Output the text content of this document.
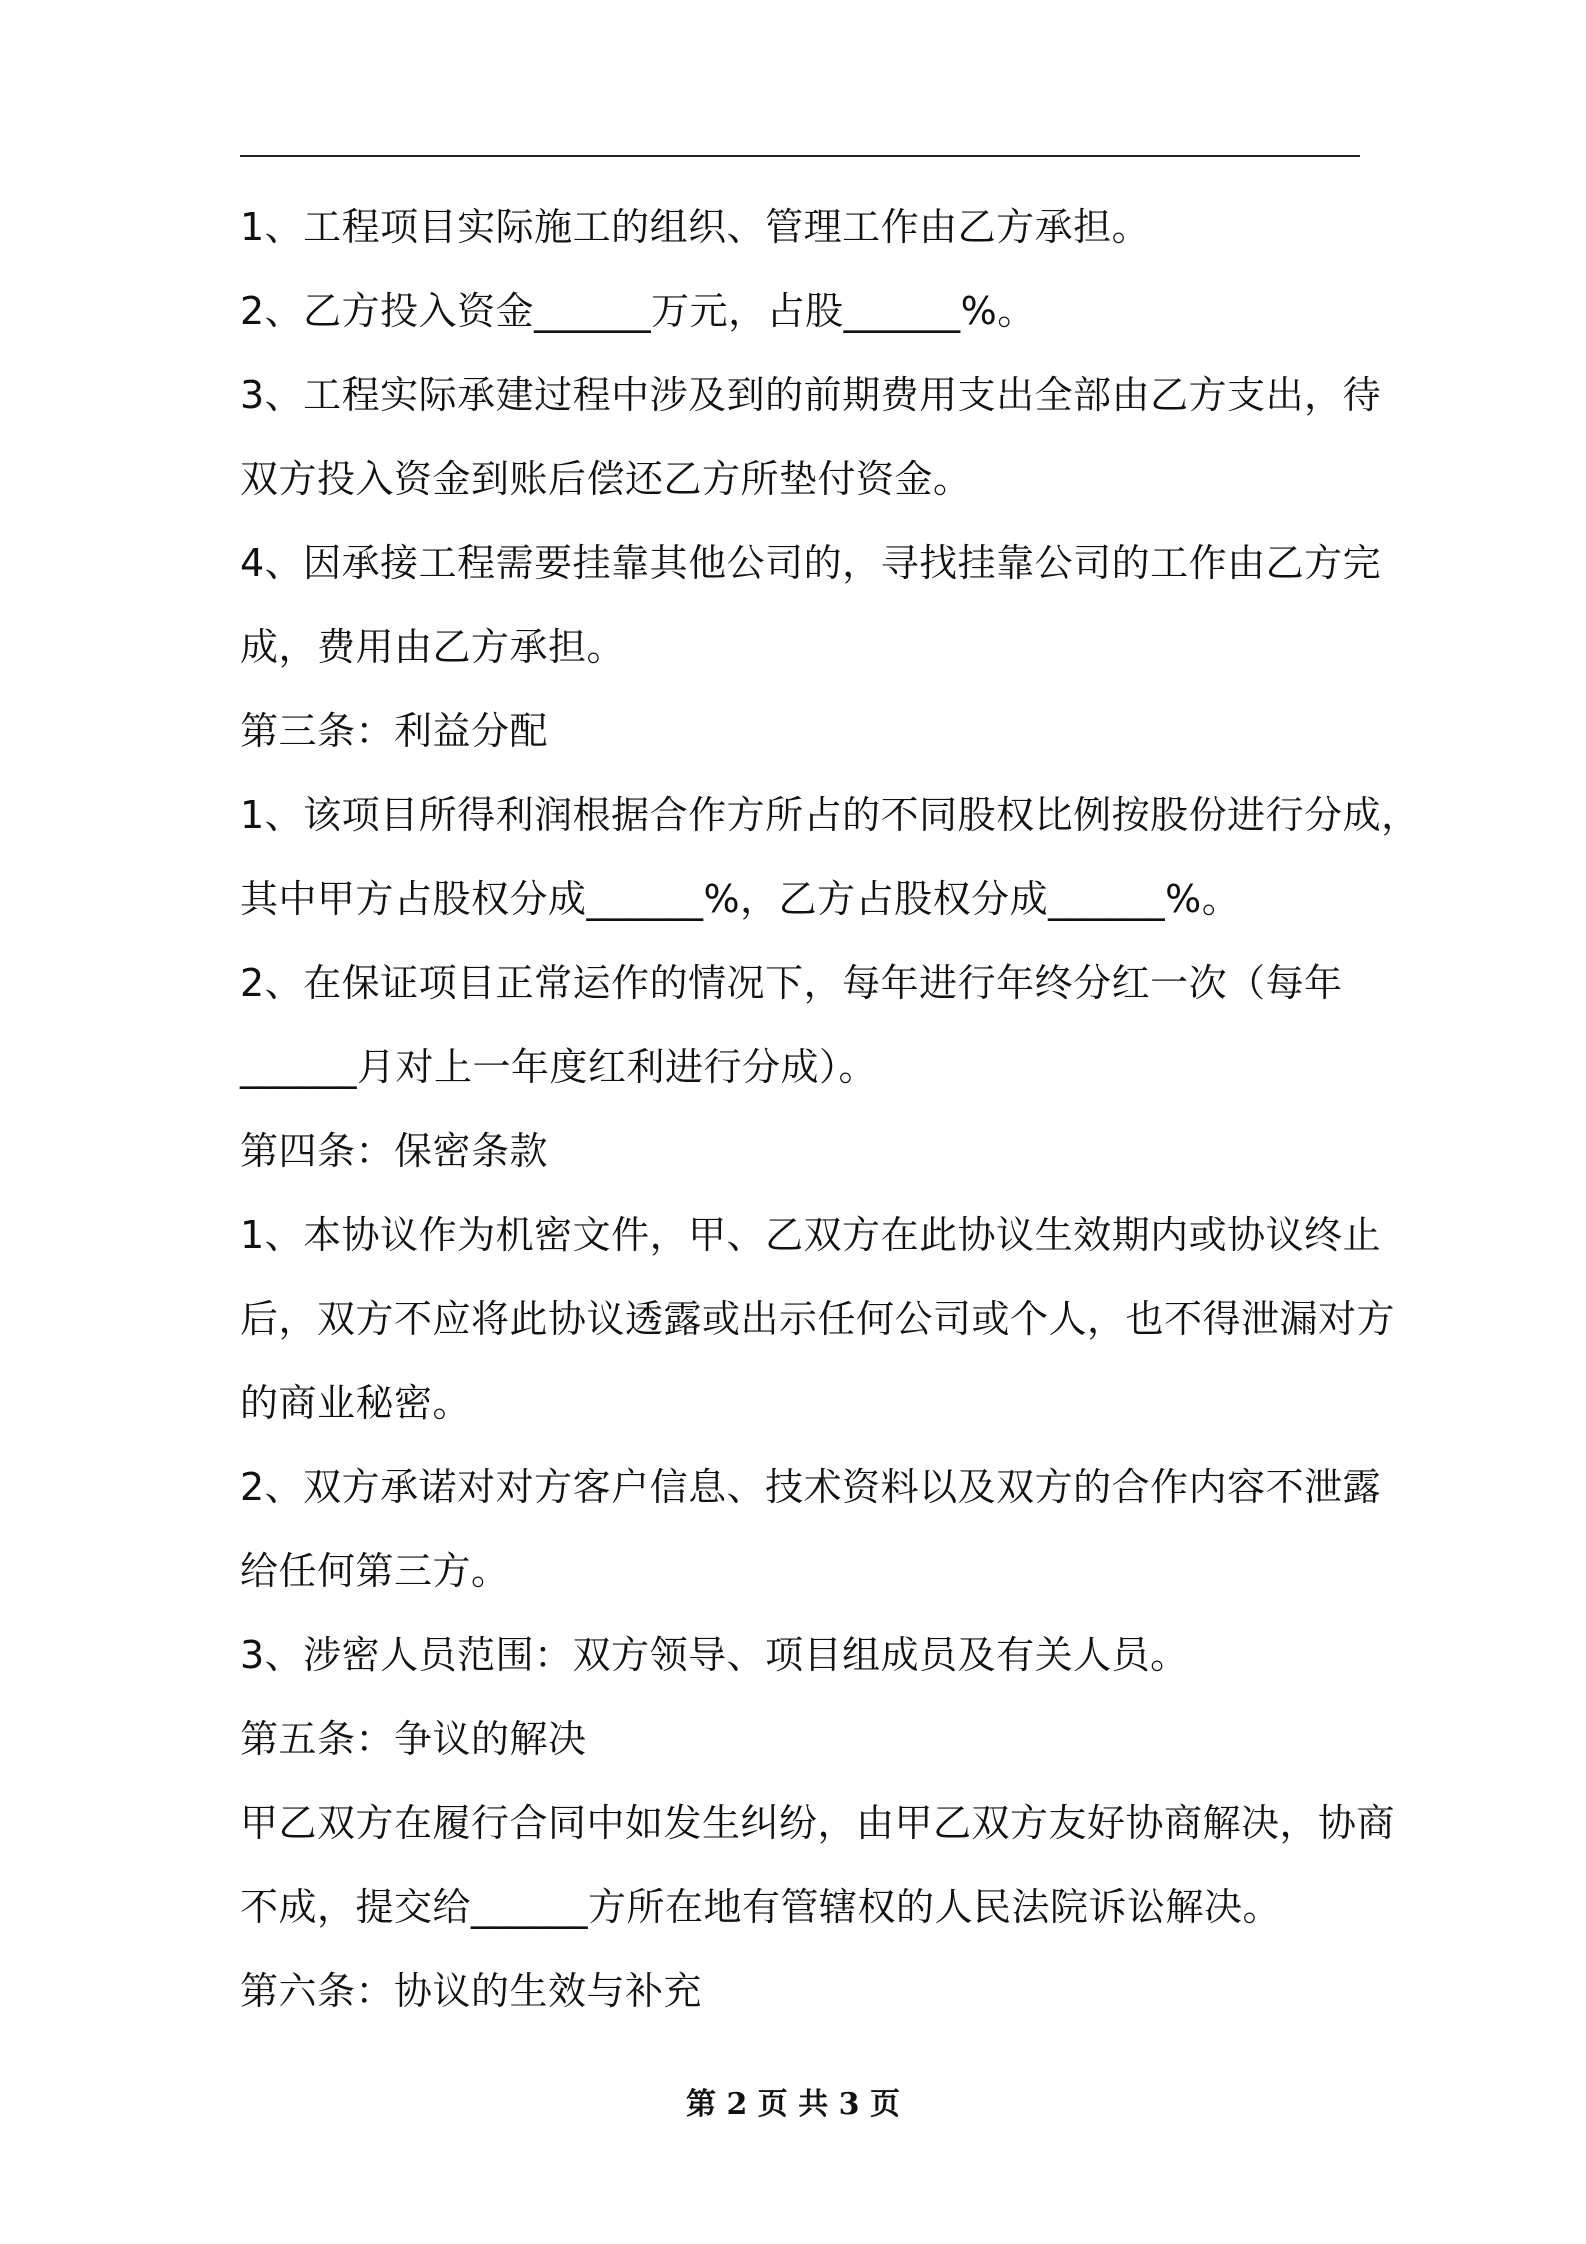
1、工程项目实际施工的组织、管理工作由乙方承担。
2、乙方投入资金______万元，占股______%。
3、工程实际承建过程中涉及到的前期费用支出全部由乙方支出，待
双方投入资金到账后偿还乙方所垫付资金。
4、因承接工程需要挂靠其他公司的，寻找挂靠公司的工作由乙方完
成，费用由乙方承担。
第三条：利益分配
1、该项目所得利润根据合作方所占的不同股权比例按股份进行分成，
其中甲方占股权分成______%，乙方占股权分成______%。
2、在保证项目正常运作的情况下，每年进行年终分红一次（每年
______月对上一年度红利进行分成）。
第四条：保密条款
1、本协议作为机密文件，甲、乙双方在此协议生效期内或协议终止
后，双方不应将此协议透露或出示任何公司或个人，也不得泄漏对方
的商业秘密。
2、双方承诺对对方客户信息、技术资料以及双方的合作内容不泄露
给任何第三方。
3、涉密人员范围：双方领导、项目组成员及有关人员。
第五条：争议的解决
甲乙双方在履行合同中如发生纠纷，由甲乙双方友好协商解决，协商
不成，提交给______方所在地有管辖权的人民法院诉讼解决。
第六条：协议的生效与补充
第 2 页 共 3 页
